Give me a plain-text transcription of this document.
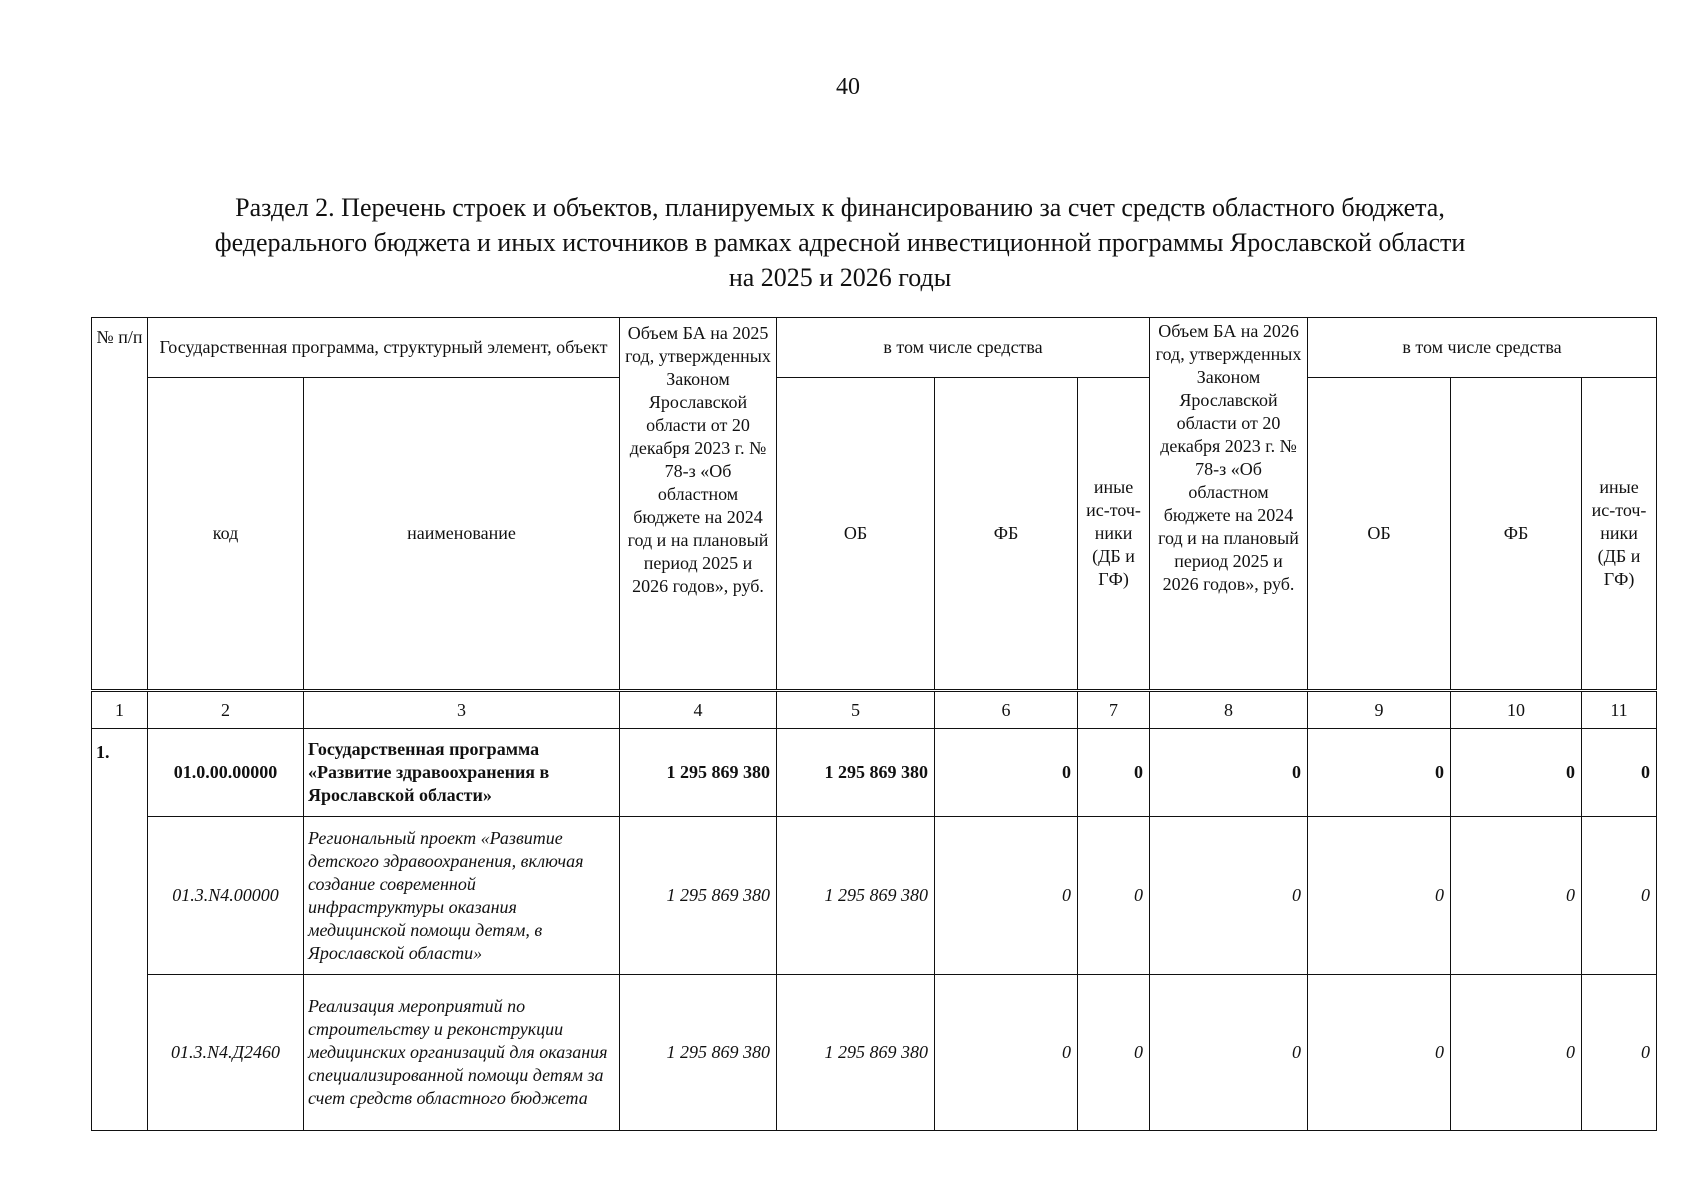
40
Раздел 2. Перечень строек и объектов, планируемых к финансированию за счет средств областного бюджета,
федерального бюджета и иных источников в рамках адресной инвестиционной программы Ярославской области
на 2025 и 2026 годы
№ п/п	Государственная программа, структурный элемент, объект		Объем БА на 2025 год, утвержденных Законом Ярославской области от 20 декабря 2023 г. № 78-з «Об областном бюджете на 2024 год и на плановый период 2025 и 2026 годов», руб.	в том числе средства			Объем БА на 2026 год, утвержденных Законом Ярославской области от 20 декабря 2023 г. № 78-з «Об областном бюджете на 2024 год и на плановый период 2025 и 2026 годов», руб.	в том числе средства		
	код	наименование		ОБ	ФБ	иные ис-точ-ники (ДБ и ГФ)		ОБ	ФБ	иные ис-точ-ники (ДБ и ГФ)
1	2	3	4	5	6	7	8	9	10	11
1.	01.0.00.00000	Государственная программа «Развитие здравоохранения в Ярославской области»	1 295 869 380	1 295 869 380	0	0	0	0	0	0
	01.3.N4.00000	Региональный проект «Развитие детского здравоохранения, включая создание современной инфраструктуры оказания медицинской помощи детям, в Ярославской области»	1 295 869 380	1 295 869 380	0	0	0	0	0	0
	01.3.N4.Д2460	Реализация мероприятий по строительству и реконструкции медицинских организаций для оказания специализированной помощи детям за счет средств областного бюджета	1 295 869 380	1 295 869 380	0	0	0	0	0	0
